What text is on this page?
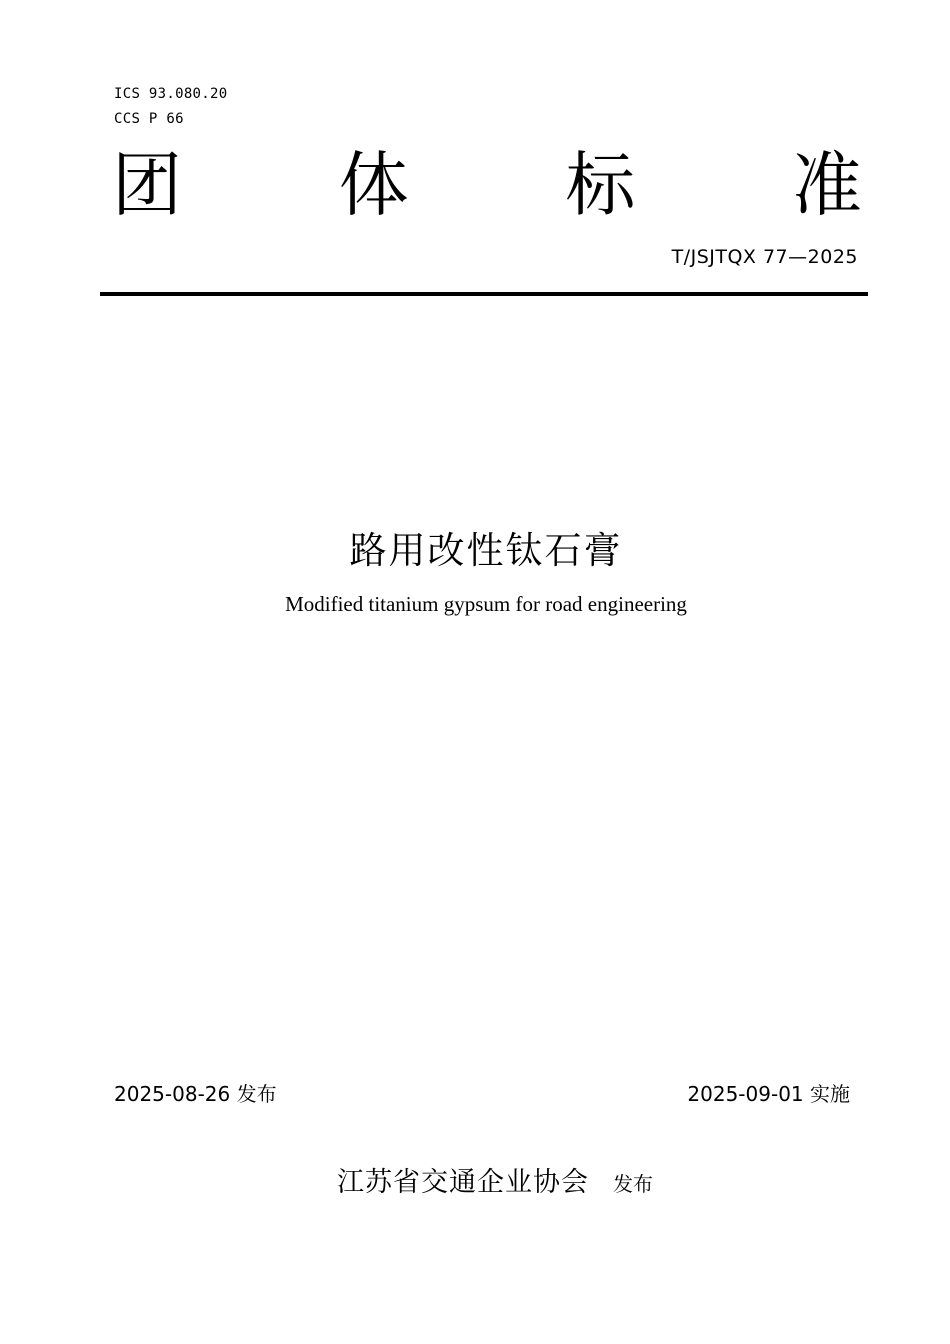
ICS 93.080.20
CCS P 66
团 体 标 准
T/JSJTQX 77—2025
路用改性钛石膏
Modified titanium gypsum for road engineering
2025-08-26 发布	2025-09-01 实施
江苏省交通企业协会 发布
